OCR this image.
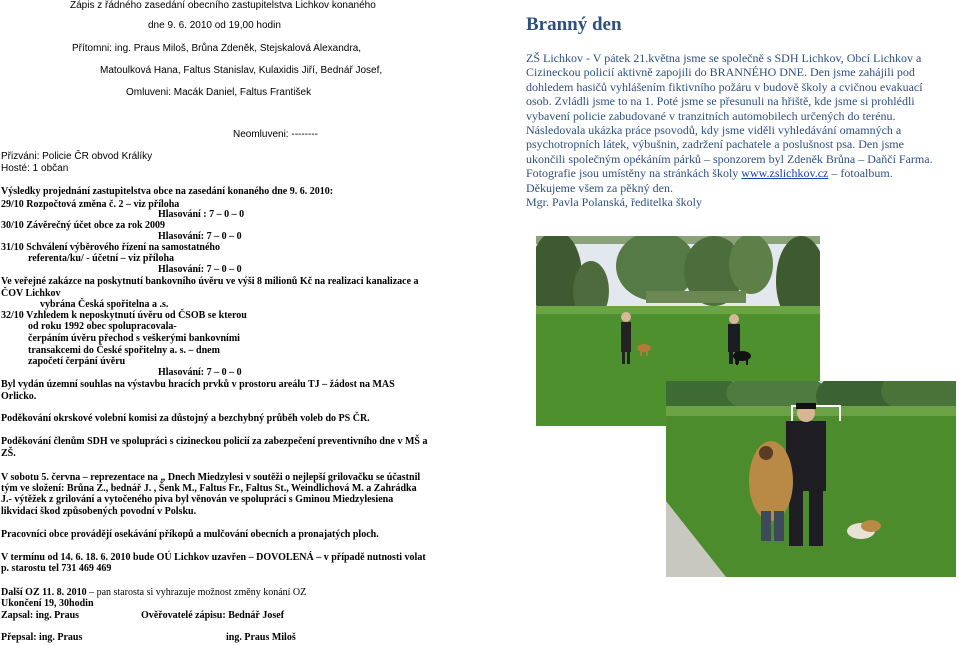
Zápis z řádného zasedání obecního zastupitelstva Lichkov konaného
dne 9. 6. 2010 od 19,00 hodin
Přítomni: ing. Praus Miloš, Brůna Zdeněk, Stejskalová Alexandra,
Matoulková Hana, Faltus Stanislav, Kulaxidis Jiří, Bednář Josef,
Omluveni: Macák Daniel, Faltus František
Neomluveni: --------
Přizváni: Policie ČR obvod Králíky
Hosté: 1 občan
Výsledky projednání zastupitelstva obce na zasedání konaného dne 9. 6. 2010:
29/10 Rozpočtová změna č. 2 – viz příloha
Hlasování : 7 – 0 – 0
30/10 Závěrečný účet obce za rok 2009
Hlasování: 7 – 0 – 0
31/10 Schválení výběrového řízení na samostatného
referenta/ku/ - účetní – viz příloha
Hlasování: 7 – 0 – 0
Ve veřejné zakázce na poskytnutí bankovního úvěru ve výši 8 milionů Kč na realizaci kanalizace a
ČOV Lichkov
vybrána Česká spořitelna a .s.
32/10 Vzhledem k neposkytnutí úvěru od ČSOB se kterou
od roku 1992 obec spolupracovala-
čerpáním úvěru přechod s veškerými bankovními
transakcemi do České spořitelny a. s. – dnem
započetí čerpání úvěru
Hlasování: 7 – 0 – 0
Byl vydán územní souhlas na výstavbu hracích prvků v prostoru areálu TJ – žádost na MAS
Orlicko.
Poděkování okrskové volební komisi za důstojný a bezchybný průběh voleb do PS ČR.
Poděkování členům SDH ve spolupráci s cizineckou policií za zabezpečení preventivního dne v MŠ a
ZŠ.
V sobotu 5. června – reprezentace na „ Dnech Miedzylesi v soutěži o nejlepší grilovačku se účastnil
tým ve složení: Brůna Z., bednář J. , Šenk M., Faltus Fr., Faltus St., Weindlichová M. a Zahrádka
J.- výtěžek z grilování a vytočeného piva byl věnován ve spolupráci s Gminou Miedzylesiena
likvidaci škod způsobených povodní v Polsku.
Pracovníci obce provádějí osekávání příkopů a mulčování obecních a pronajatých ploch.
V termínu od 14. 6. 18. 6. 2010 bude OÚ Lichkov uzavřen – DOVOLENÁ – v případě nutnosti volat
p. starostu tel 731 469 469
Další OZ 11. 8. 2010 – pan starosta si vyhrazuje možnost změny konání OZ
Ukončení 19, 30hodin
Zapsal: ing. Praus	Ověřovatelé zápisu: Bednář Josef
Přepsal: ing. Praus	ing. Praus Miloš
Branný den
ZŠ Lichkov - V pátek 21.května jsme se společně s SDH Lichkov, Obcí Lichkov a
Cizineckou policií aktivně zapojili do BRANNÉHO DNE. Den jsme zahájili pod
dohledem hasičů vyhlášením fiktivního požáru v budově školy a cvičnou evakuací
osob. Zvládli jsme to na 1. Poté jsme se přesunuli na hřiště, kde jsme si prohlédli
vybavení policie zabudované v tranzitních automobilech určených do terénu.
Následovala ukázka práce psovodů, kdy jsme viděli vyhledávání omamných a
psychotropních látek, výbušnin, zadržení pachatele a poslušnost psa. Den jsme
ukončili společným opékáním párků – sponzorem byl Zdeněk Brůna – Daňčí Farma.
Fotografie jsou umístěny na stránkách školy www.zslichkov.cz – fotoalbum.
Děkujeme všem za pěkný den.
Mgr. Pavla Polanská, ředitelka školy
